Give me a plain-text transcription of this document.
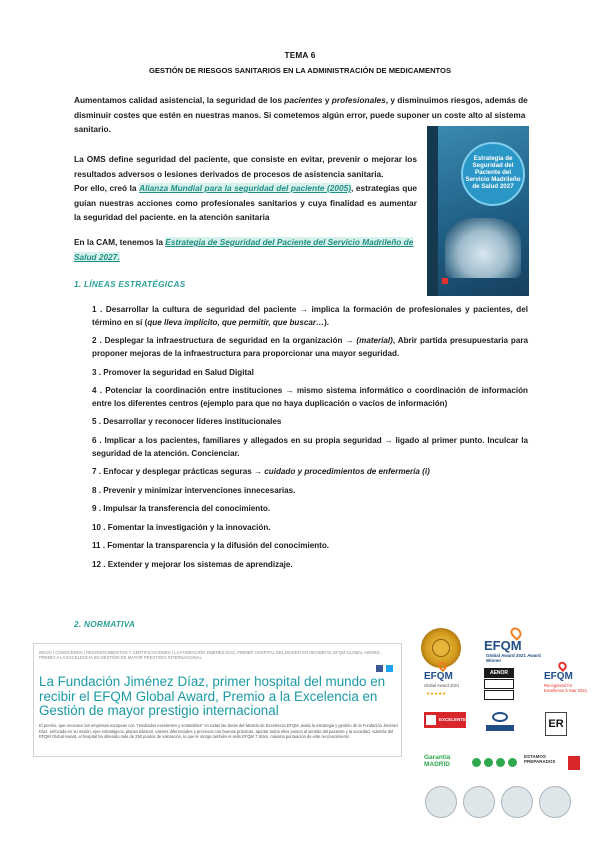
TEMA 6
GESTIÓN DE RIESGOS SANITARIOS EN LA ADMINISTRACIÓN DE MEDICAMENTOS
Aumentamos calidad asistencial, la seguridad de los pacientes y profesionales, y disminuimos riesgos, además de disminuir costes que estén en nuestras manos. Si cometemos algún error, puede suponer un coste alto al sistema sanitario.
La OMS define seguridad del paciente, que consiste en evitar, prevenir o mejorar los resultados adversos o lesiones derivados de procesos de asistencia sanitaria.
Por ello, creó la Alianza Mundial para la seguridad del paciente (2005), estrategias que guían nuestras acciones como profesionales sanitarios y cuya finalidad es aumentar la seguridad del paciente. en la atención sanitaria
En la CAM, tenemos la Estrategia de Seguridad del Paciente del Servicio Madrileño de Salud 2027.
Estrategia de Seguridad del Paciente del Servicio Madrileño de Salud 2027
1. LÍNEAS ESTRATÉGICAS
1 . Desarrollar la cultura de seguridad del paciente → implica la formación de profesionales y pacientes, del término en sí (que lleva implícito, que permitir, que buscar…).
2 . Desplegar la infraestructura de seguridad en la organización → (material), Abrir partida presupuestaria para proponer mejoras de la infraestructura para proporcionar una mayor seguridad.
3 . Promover la seguridad en Salud Digital
4 . Potenciar la coordinación entre instituciones → mismo sistema informático o coordinación de información entre los diferentes centros (ejemplo para que no haya duplicación o vacíos de información)
5 . Desarrollar y reconocer líderes institucionales
6 . Implicar a los pacientes, familiares y allegados en su propia seguridad → ligado al primer punto. Inculcar la seguridad de la atención. Concienciar.
7 . Enfocar y desplegar prácticas seguras → cuidado y procedimientos de enfermería (i)
8 . Prevenir y minimizar intervenciones innecesarias.
9 . Impulsar la transferencia del conocimiento.
10 . Fomentar la investigación y la innovación.
11 . Fomentar la transparencia y la difusión del conocimiento.
12 . Extender y mejorar los sistemas de aprendizaje.
2. NORMATIVA
INICIO | CONÓCENOS | RECONOCIMIENTOS Y CERTIFICACIONES | LA FUNDACIÓN JIMÉNEZ DÍAZ, PRIMER HOSPITAL DEL MUNDO EN RECIBIR EL EFQM GLOBAL AWARD, PREMIO A LA EXCELENCIA EN GESTIÓN DE MAYOR PRESTIGIO INTERNACIONAL
La Fundación Jiménez Díaz, primer hospital del mundo en recibir el EFQM Global Award, Premio a la Excelencia en Gestión de mayor prestigio internacional
El premio, que reconoce las empresas europeas con "resultados excelentes y sostenibles" en todas las áreas del Modelo de Excelencia EFQM, avala la estrategia y gestión de la Fundación Jiménez Díaz, enfocada en su misión, ejes estratégicos, planes básicos, valores diferenciales y procesos con buenas prácticas, aportar todos ellos puntos al sentido del paciente y la sociedad. Además del EFQM Global Award, el hospital ha obtenido más de 250 puntos de valoración, lo que le otorga también el sello EFQM 7 Stars, máxima puntuación de este reconocimiento
EFQM
Global Award 2021 Award Winner
EFQM
Global Award 2021
★★★★★
AENOR	EFQM
Recognised for Excellence 5 Star 2021
EXCELENTE	ER
Garantía MADRID
ESTAMOS PREPARADOS
